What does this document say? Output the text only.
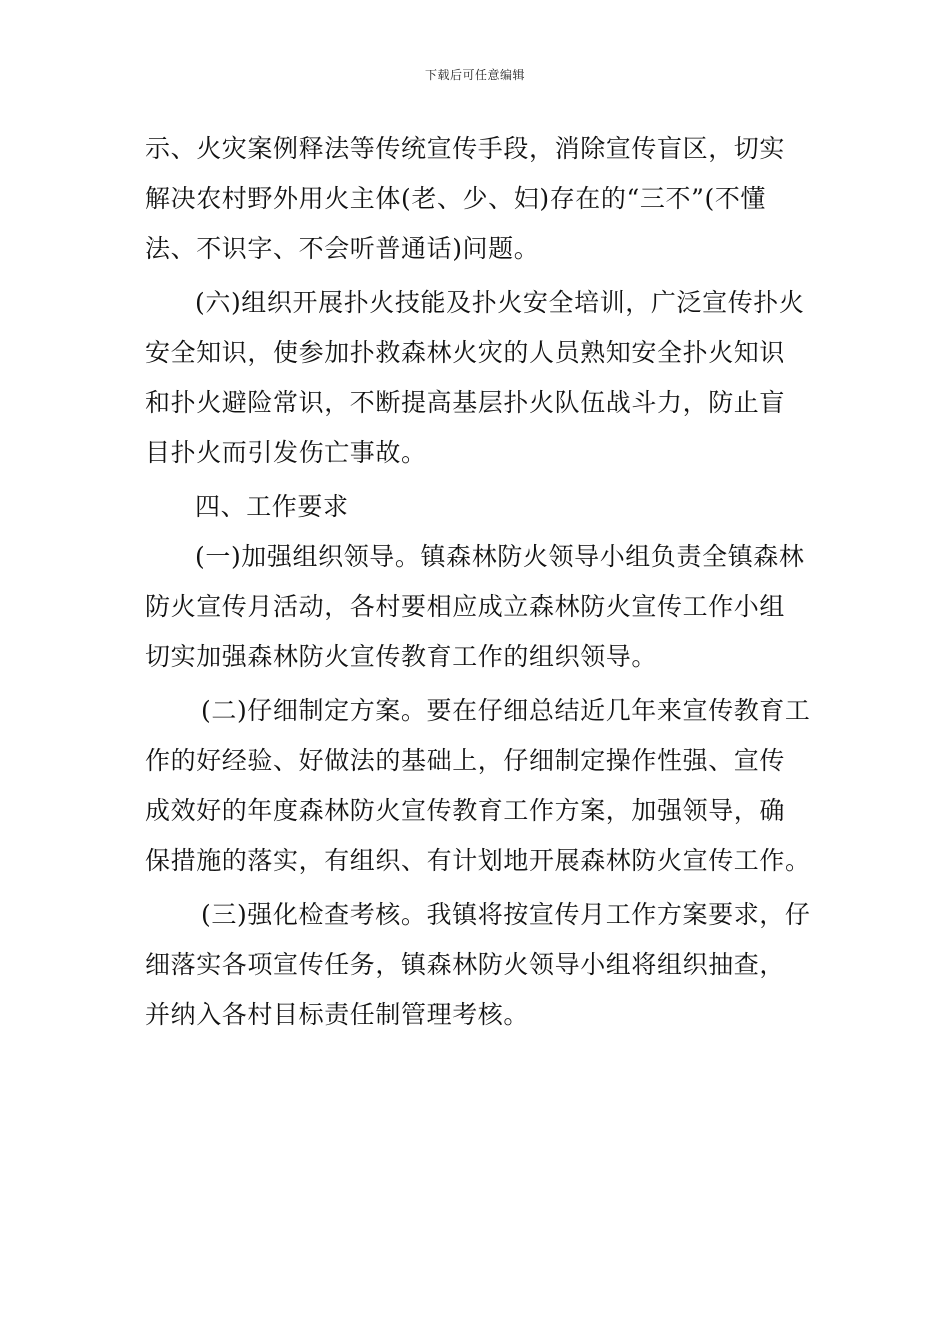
下载后可任意编辑
示、火灾案例释法等传统宣传手段，消除宣传盲区，切实
解决农村野外用火主体(老、少、妇)存在的“三不”(不懂
法、不识字、不会听普通话)问题。
(六)组织开展扑火技能及扑火安全培训，广泛宣传扑火
安全知识，使参加扑救森林火灾的人员熟知安全扑火知识
和扑火避险常识，不断提高基层扑火队伍战斗力，防止盲
目扑火而引发伤亡事故。
四、工作要求
(一)加强组织领导。镇森林防火领导小组负责全镇森林
防火宣传月活动，各村要相应成立森林防火宣传工作小组
切实加强森林防火宣传教育工作的组织领导。
(二)仔细制定方案。要在仔细总结近几年来宣传教育工
作的好经验、好做法的基础上，仔细制定操作性强、宣传
成效好的年度森林防火宣传教育工作方案，加强领导，确
保措施的落实，有组织、有计划地开展森林防火宣传工作。
(三)强化检查考核。我镇将按宣传月工作方案要求，仔
细落实各项宣传任务，镇森林防火领导小组将组织抽查，
并纳入各村目标责任制管理考核。
